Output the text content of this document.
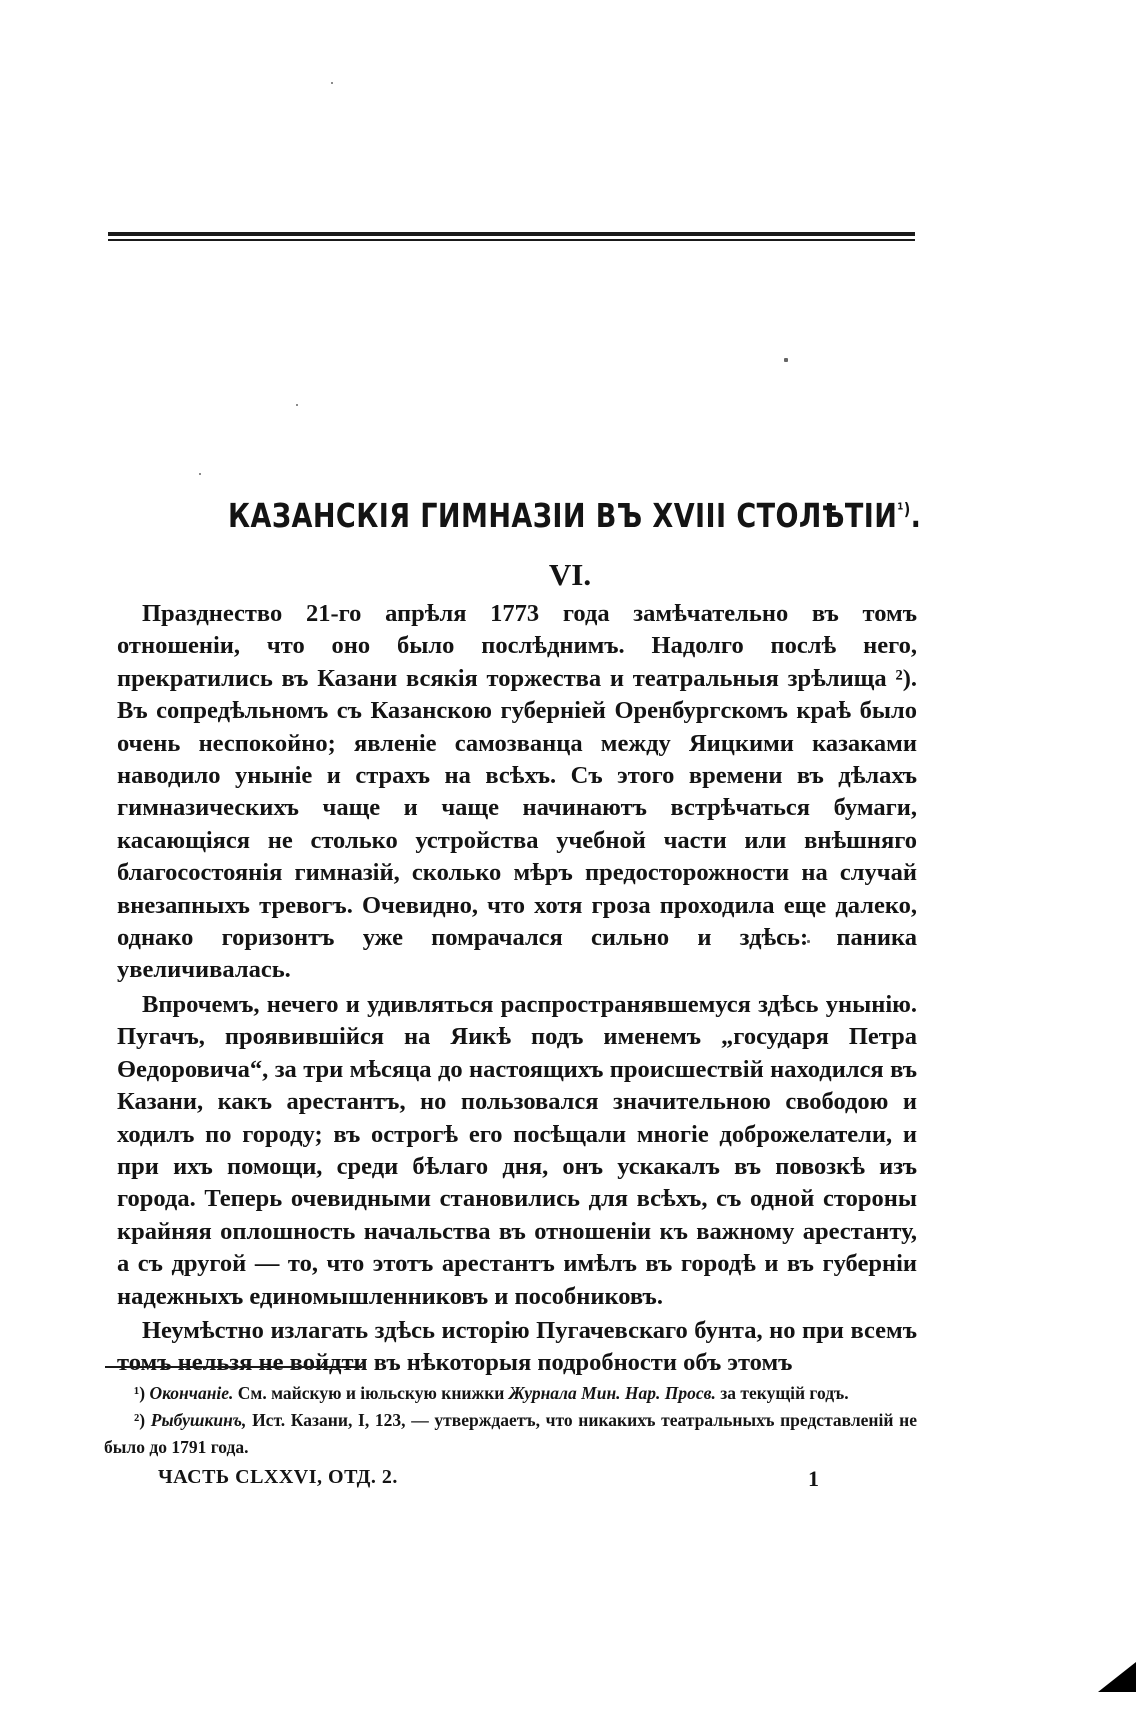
КАЗАНСКІЯ ГИМНАЗІИ ВЪ XVIII $СТОЛѢТІИ^{^1)}$.
VI.

Празднество 21-го апрѣля 1773 года замѣчательно въ томъ отношеніи, что оно было послѣднимъ. Надолго послѣ него, прекратились въ Казани всякія торжества и театральныя зрѣлища ²). Въ сопредѣльномъ съ Казанскою губерніей Оренбургскомъ краѣ было очень неспокойно; явленіе самозванца между Яицкими казаками наводило уныніе и страхъ на всѣхъ. Съ этого времени въ дѣлахъ гимназическихъ чаще и чаще начинаютъ встрѣчаться бумаги, касающіяся не столько устройства учебной части или внѣшняго благосостоянія гимназій, сколько мѣръ предосторожности на случай внезапныхъ тревогъ. Очевидно, что хотя гроза проходила еще далеко, однако горизонтъ уже помрачался сильно и здѣсь: паника увеличивалась.

Впрочемъ, нечего и удивляться распространявшемуся здѣсь унынію. Пугачъ, проявившійся на Яикѣ подъ именемъ „государя Петра Өедоровича“, за три мѣсяца до настоящихъ происшествій находился въ Казани, какъ арестантъ, но пользовался значительною свободою и ходилъ по городу; въ острогѣ его посѣщали многіе доброжелатели, и при ихъ помощи, среди бѣлаго дня, онъ ускакалъ въ повозкѣ изъ города. Теперь очевидными становились для всѣхъ, съ одной стороны крайняя оплошность начальства въ отношеніи къ важному арестанту, а съ другой — то, что этотъ арестантъ имѣлъ въ городѣ и въ губерніи надежныхъ единомышленниковъ и пособниковъ.

Неумѣстно излагать здѣсь исторію Пугачевскаго бунта, но при всемъ томъ нельзя не войдти въ нѣкоторыя подробности объ этомъ

¹) Окончаніе. См. майскую и іюльскую книжки Журнала Мин. Нар. Просв. за текущій годъ.

²) Рыбушкинъ, Ист. Казани, I, 123, — утверждаетъ, что никакихъ театральныхъ представленій не было до 1791 года.

ЧАСТЬ CLXXVI, ОТД. 2.	1
